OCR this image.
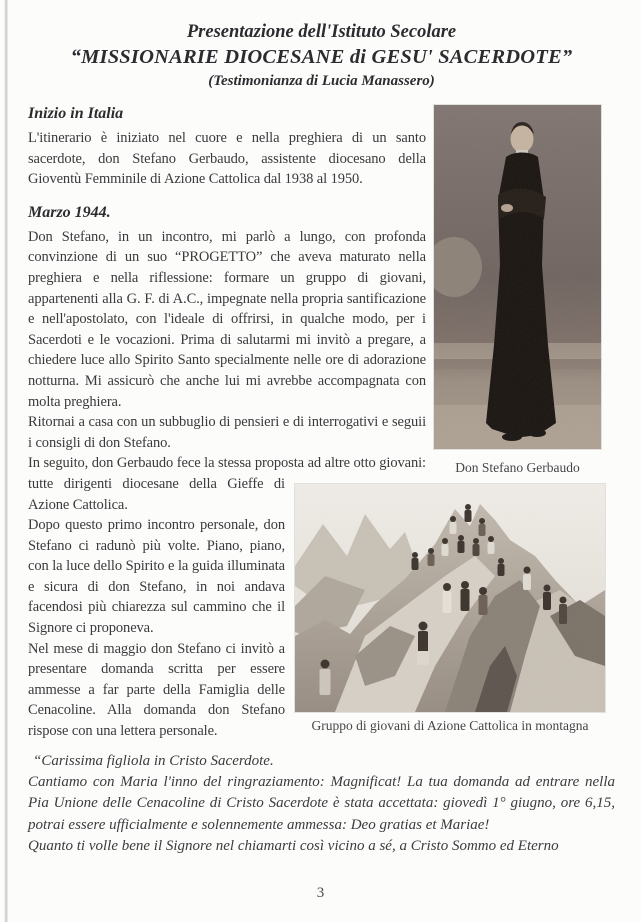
Presentazione dell'Istituto Secolare
“MISSIONARIE DIOCESANE di GESU' SACERDOTE”
(Testimonianza di Lucia Manassero)
Don Stefano Gerbaudo
Inizio in Italia

L'itinerario è iniziato nel cuore e nella preghiera di un santo sacerdote, don Stefano Gerbaudo, assistente diocesano della Gioventù Femminile di Azione Cattolica dal 1938 al 1950.

Marzo 1944.

Don Stefano, in un incontro, mi parlò a lungo, con profonda convinzione di un suo “PROGETTO” che aveva maturato nella preghiera e nella riflessione: formare un gruppo di giovani, appartenenti alla G. F. di A.C., impegnate nella propria santificazione e nell'apostolato, con l'ideale di offrirsi, in qualche modo, per i Sacerdoti e le vocazioni. Prima di salutarmi mi invitò a pregare, a chiedere luce allo Spirito Santo specialmente nelle ore di adorazione notturna. Mi assicurò che anche lui mi avrebbe accompagnata con molta preghiera.

Ritornai a casa con un subbuglio di pensieri e di interrogativi e seguii i consigli di don Stefano.

Gruppo di giovani di Azione Cattolica in montagna

In seguito, don Gerbaudo fece la stessa proposta ad altre otto giovani: tutte dirigenti diocesane della Gieffe di Azione Cattolica.

Dopo questo primo incontro personale, don Stefano ci radunò più volte. Piano, piano, con la luce dello Spirito e la guida illuminata e sicura di don Stefano, in noi andava facendosi più chiarezza sul cammino che il Signore ci proponeva.

Nel mese di maggio don Stefano ci invitò a presentare domanda scritta per essere ammesse a far parte della Famiglia delle Cenacoline. Alla domanda don Stefano rispose con una lettera personale.

“Carissima figliola in Cristo Sacerdote.

Cantiamo con Maria l'inno del ringraziamento: Magnificat! La tua domanda ad entrare nella Pia Unione delle Cenacoline di Cristo Sacerdote è stata accettata: giovedì 1° giugno, ore 6,15, potrai essere ufficialmente e solennemente ammessa: Deo gratias et Mariae!

Quanto ti volle bene il Signore nel chiamarti così vicino a sé, a Cristo Sommo ed Eterno

3
